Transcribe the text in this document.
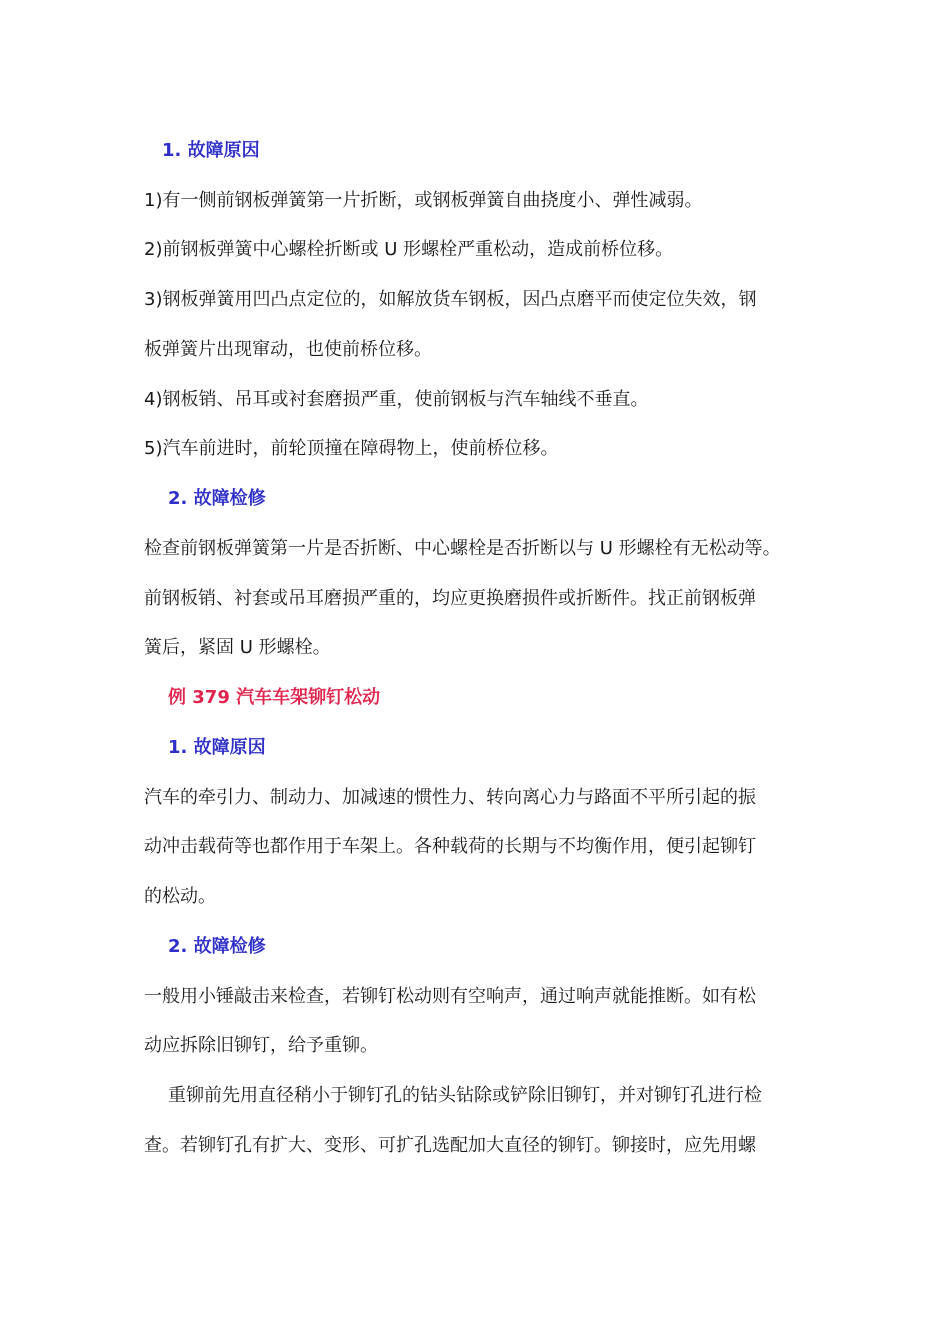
1. 故障原因
1)有一侧前钢板弹簧第一片折断，或钢板弹簧自曲挠度小、弹性减弱。
2)前钢板弹簧中心螺栓折断或 U 形螺栓严重松动，造成前桥位移。
3)钢板弹簧用凹凸点定位的，如解放货车钢板，因凸点磨平而使定位失效，钢
板弹簧片出现窜动，也使前桥位移。
4)钢板销、吊耳或衬套磨损严重，使前钢板与汽车轴线不垂直。
5)汽车前进时，前轮顶撞在障碍物上，使前桥位移。
2. 故障检修
检查前钢板弹簧第一片是否折断、中心螺栓是否折断以与 U 形螺栓有无松动等。
前钢板销、衬套或吊耳磨损严重的，均应更换磨损件或折断件。找正前钢板弹
簧后，紧固 U 形螺栓。
例 379 汽车车架铆钉松动
1. 故障原因
汽车的牵引力、制动力、加减速的惯性力、转向离心力与路面不平所引起的振
动冲击载荷等也都作用于车架上。各种载荷的长期与不均衡作用，便引起铆钉
的松动。
2. 故障检修
一般用小锤敲击来检查，若铆钉松动则有空响声，通过响声就能推断。如有松
动应拆除旧铆钉，给予重铆。
重铆前先用直径稍小于铆钉孔的钻头钻除或铲除旧铆钉，并对铆钉孔进行检
查。若铆钉孔有扩大、变形、可扩孔选配加大直径的铆钉。铆接时，应先用螺
